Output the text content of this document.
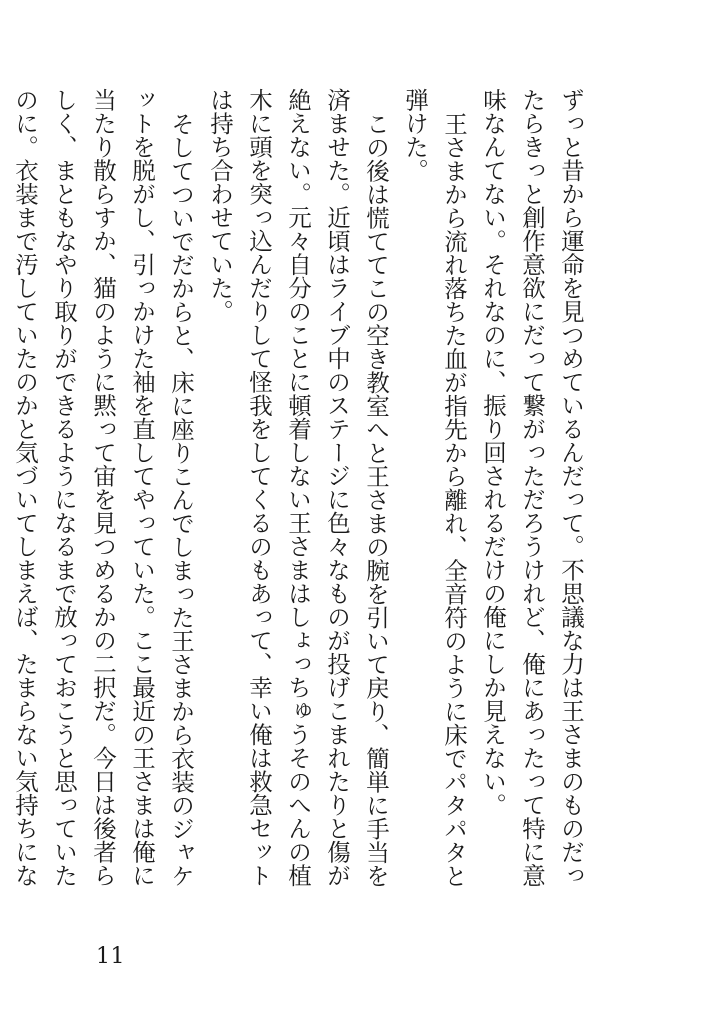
ずっと昔から運命を見つめているんだって。不思議な力は王さまのものだったらきっと創作意欲にだって繋がっただろうけれど、俺にあったって特に意味なんてない。それなのに、振り回されるだけの俺にしか見えない。

王さまから流れ落ちた血が指先から離れ、全音符のように床でパタパタと弾けた。

この後は慌ててこの空き教室へと王さまの腕を引いて戻り、簡単に手当を済ませた。近頃はライブ中のステージに色々なものが投げこまれたりと傷が絶えない。元々自分のことに頓着しない王さまはしょっちゅうそのへんの植木に頭を突っ込んだりして怪我をしてくるのもあって、幸い俺は救急セットは持ち合わせていた。

そしてついでだからと、床に座りこんでしまった王さまから衣装のジャケットを脱がし、引っかけた袖を直してやっていた。ここ最近の王さまは俺に当たり散らすか、猫のように黙って宙を見つめるかの二択だ。今日は後者らしく、まともなやり取りができるようになるまで放っておこうと思っていたのに。衣装まで汚していたのかと気づいてしまえば、たまらない気持ちにな

11
